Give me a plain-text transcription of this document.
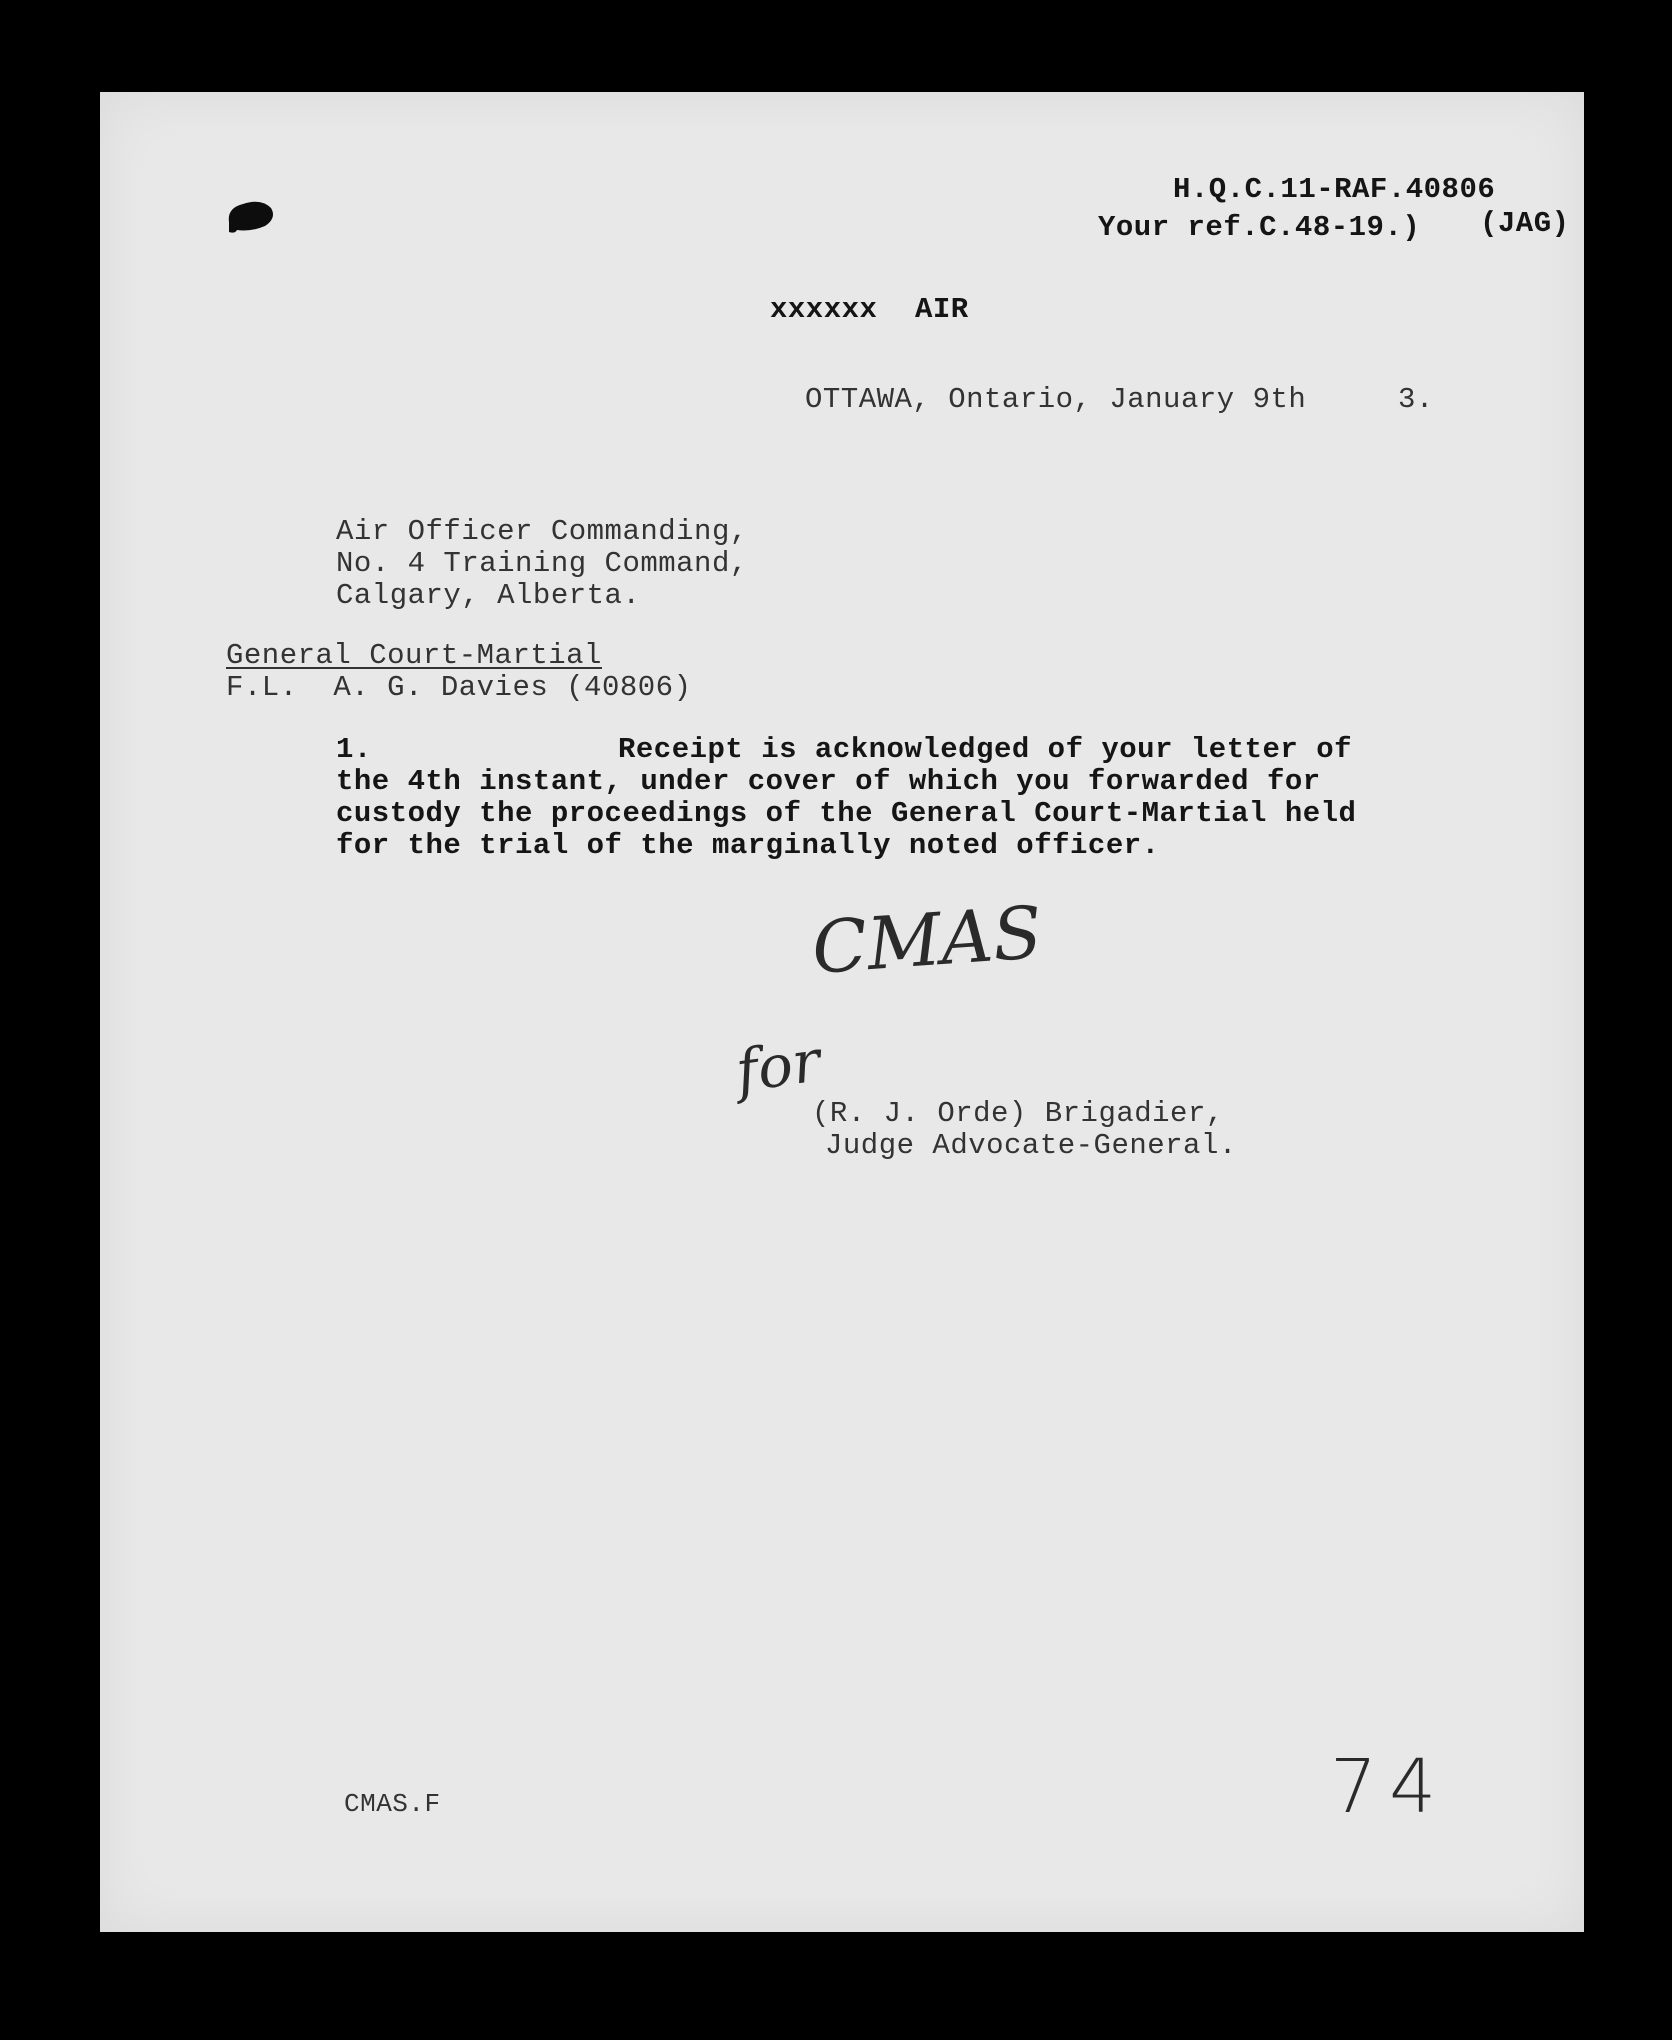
H.Q.C.11-RAF.40806
Your ref.C.48-19.) (JAG)
xxxxxx AIR
OTTAWA, Ontario, January 9th	3.
Air Officer Commanding,
No. 4 Training Command,
Calgary, Alberta.
General Court-Martial
F.L.  A. G. Davies (40806)
1.	Receipt is acknowledged of your letter of
the 4th instant, under cover of which you forwarded for
custody the proceedings of the General Court-Martial held
for the trial of the marginally noted officer.
CMAS
for
(R. J. Orde) Brigadier,
Judge Advocate-General.
CMAS.F	74
